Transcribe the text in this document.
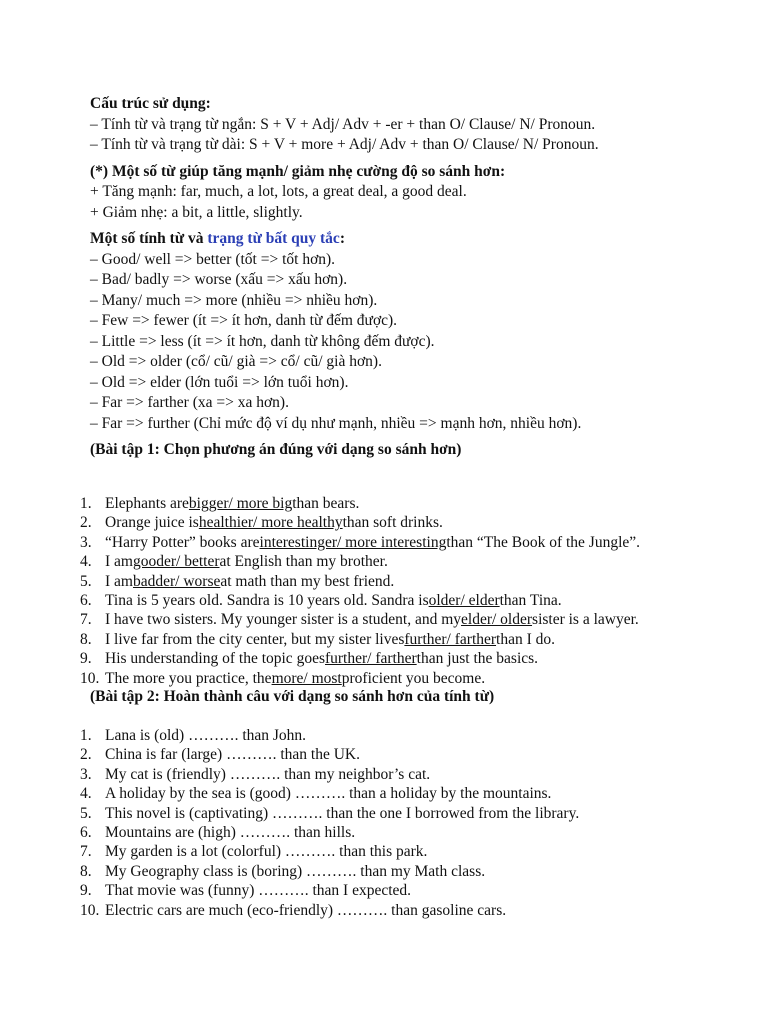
Cấu trúc sử dụng:
– Tính từ và trạng từ ngắn: S + V + Adj/ Adv + -er + than O/ Clause/ N/ Pronoun.
– Tính từ và trạng từ dài: S + V + more + Adj/ Adv + than O/ Clause/ N/ Pronoun.
(*) Một số từ giúp tăng mạnh/ giảm nhẹ cường độ so sánh hơn:
+ Tăng mạnh: far, much, a lot, lots, a great deal, a good deal.
+ Giảm nhẹ: a bit, a little, slightly.
Một số tính từ và trạng từ bất quy tắc:
– Good/ well => better (tốt => tốt hơn).
– Bad/ badly => worse (xấu => xấu hơn).
– Many/ much => more (nhiều => nhiều hơn).
– Few => fewer (ít => ít hơn, danh từ đếm được).
– Little => less (ít => ít hơn, danh từ không đếm được).
– Old => older (cổ/ cũ/ già => cổ/ cũ/ già hơn).
– Old => elder (lớn tuổi => lớn tuổi hơn).
– Far => farther (xa => xa hơn).
– Far => further (Chỉ mức độ ví dụ như mạnh, nhiều => mạnh hơn, nhiều hơn).
(Bài tập 1: Chọn phương án đúng với dạng so sánh hơn)
1. Elephants are bigger/ more big than bears.
2. Orange juice is healthier/ more healthy than soft drinks.
3. “Harry Potter” books are interestinger/ more interesting than “The Book of the Jungle”.
4. I am gooder/ better at English than my brother.
5. I am badder/ worse at math than my best friend.
6. Tina is 5 years old. Sandra is 10 years old. Sandra is older/ elder than Tina.
7. I have two sisters. My younger sister is a student, and my elder/ older sister is a lawyer.
8. I live far from the city center, but my sister lives further/ farther than I do.
9. His understanding of the topic goes further/ farther than just the basics.
10. The more you practice, the more/ most proficient you become.
(Bài tập 2: Hoàn thành câu với dạng so sánh hơn của tính từ)
1. Lana is (old) ………. than John.
2. China is far (large) ………. than the UK.
3. My cat is (friendly) ………. than my neighbor’s cat.
4. A holiday by the sea is (good) ………. than a holiday by the mountains.
5. This novel is (captivating) ………. than the one I borrowed from the library.
6. Mountains are (high) ………. than hills.
7. My garden is a lot (colorful) ………. than this park.
8. My Geography class is (boring) ………. than my Math class.
9. That movie was (funny) ………. than I expected.
10. Electric cars are much (eco-friendly) ………. than gasoline cars.
